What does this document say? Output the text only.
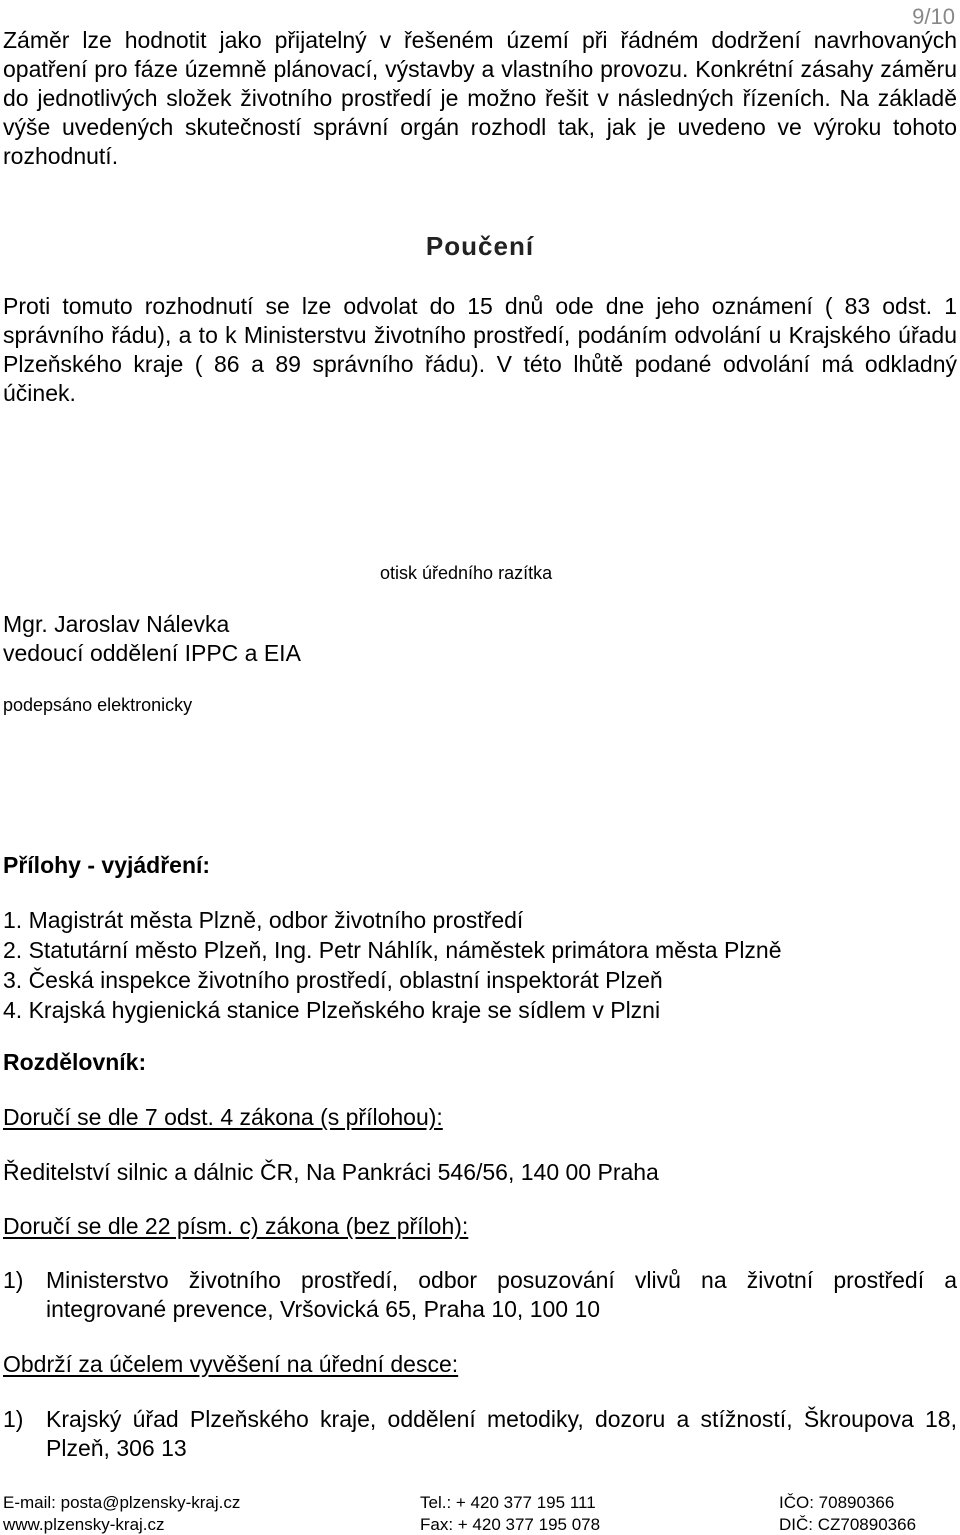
9/10

Záměr lze hodnotit jako přijatelný v řešeném území při řádném dodržení navrhovaných opatření pro fáze územně plánovací, výstavby a vlastního provozu. Konkrétní zásahy záměru do jednotlivých složek životního prostředí je možno řešit v následných řízeních. Na základě výše uvedených skutečností správní orgán rozhodl tak, jak je uvedeno ve výroku tohoto rozhodnutí.

Poučení

Proti tomuto rozhodnutí se lze odvolat do 15 dnů ode dne jeho oznámení ( 83 odst. 1 správního řádu), a to k Ministerstvu životního prostředí, podáním odvolání u Krajského úřadu Plzeňského kraje ( 86 a 89 správního řádu). V této lhůtě podané odvolání má odkladný účinek.

otisk úředního razítka
Mgr. Jaroslav Nálevka
vedoucí oddělení IPPC a EIA
podepsáno elektronicky
Přílohy - vyjádření:
1. Magistrát města Plzně, odbor životního prostředí
2. Statutární město Plzeň, Ing. Petr Náhlík, náměstek primátora města Plzně
3. Česká inspekce životního prostředí, oblastní inspektorát Plzeň
4. Krajská hygienická stanice Plzeňského kraje se sídlem v Plzni
Rozdělovník:
Doručí se dle 7 odst. 4 zákona (s přílohou):
Ředitelství silnic a dálnic ČR, Na Pankráci 546/56, 140 00 Praha
Doručí se dle 22 písm. c) zákona (bez příloh):
1) Ministerstvo životního prostředí, odbor posuzování vlivů na životní prostředí a integrované prevence, Vršovická 65, Praha 10, 100 10
Obdrží za účelem vyvěšení na úřední desce:
1) Krajský úřad Plzeňského kraje, oddělení metodiky, dozoru a stížností, Škroupova 18, Plzeň, 306 13
E-mail: posta@plzensky-kraj.cz
www.plzensky-kraj.cz
Tel.: + 420 377 195 111
Fax: + 420 377 195 078
IČO: 70890366
DIČ: CZ70890366
